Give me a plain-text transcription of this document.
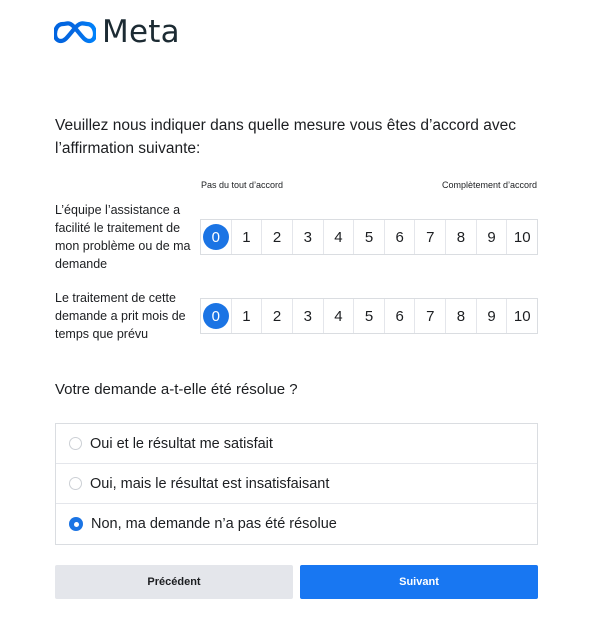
Meta
Veuillez nous indiquer dans quelle mesure vous êtes d’accord avec l’affirmation suivante:
Pas du tout d’accord	Complètement d’accord
L’équipe l’assistance a facilité le traitement de mon problème ou de ma demande
0	1 2 3 4 5 6 7 8 9 10
Le traitement de cette demande a prit mois de temps que prévu
0	1 2 3 4 5 6 7 8 9 10
Votre demande a-t-elle été résolue ?
Oui et le résultat me satisfait
Oui, mais le résultat est insatisfaisant
Non, ma demande n’a pas été résolue
Précédent	Suivant
